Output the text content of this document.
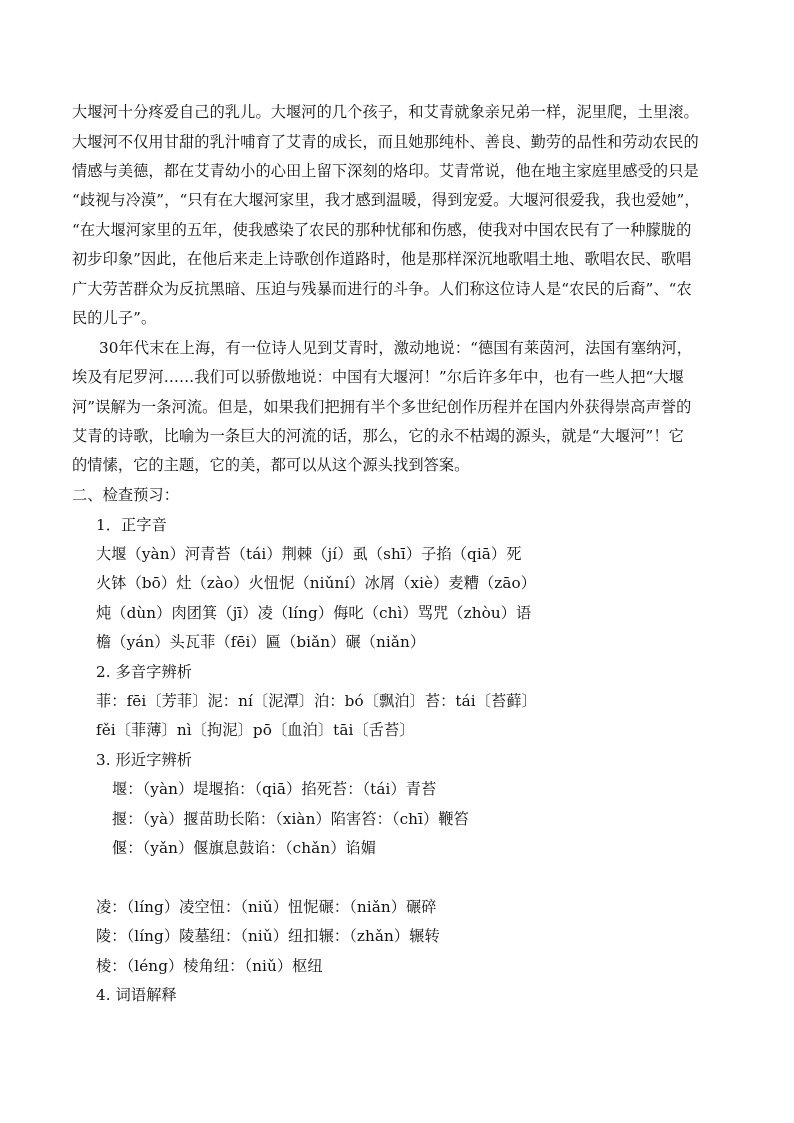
大堰河十分疼爱自己的乳儿。大堰河的几个孩子，和艾青就象亲兄弟一样，泥里爬，土里滚。
大堰河不仅用甘甜的乳汁哺育了艾青的成长，而且她那纯朴、善良、勤劳的品性和劳动农民的
情感与美德，都在艾青幼小的心田上留下深刻的烙印。艾青常说，他在地主家庭里感受的只是
“歧视与冷漠”，“只有在大堰河家里，我才感到温暖，得到宠爱。大堰河很爱我，我也爱她”，
“在大堰河家里的五年，使我感染了农民的那种忧郁和伤感，使我对中国农民有了一种朦胧的
初步印象”因此，在他后来走上诗歌创作道路时，他是那样深沉地歌唱土地、歌唱农民、歌唱
广大劳苦群众为反抗黑暗、压迫与残暴而进行的斗争。人们称这位诗人是“农民的后裔”、“农
民的儿子”。
30年代末在上海，有一位诗人见到艾青时，激动地说：“德国有莱茵河，法国有塞纳河，
埃及有尼罗河……我们可以骄傲地说：中国有大堰河！”尔后许多年中，也有一些人把“大堰
河”误解为一条河流。但是，如果我们把拥有半个多世纪创作历程并在国内外获得崇高声誉的
艾青的诗歌，比喻为一条巨大的河流的话，那么，它的永不枯竭的源头，就是“大堰河”！它
的情愫，它的主题，它的美，都可以从这个源头找到答案。
二、检查预习：
1．正字音
大堰（yàn）河青苔（tái）荆棘（jí）虱（shī）子掐（qiā）死
火钵（bō）灶（zào）火忸怩（niǔní）冰屑（xiè）麦糟（zāo）
炖（dùn）肉团箕（jī）凌（líng）侮叱（chì）骂咒（zhòu）语
檐（yán）头瓦菲（fēi）匾（biǎn）碾（niǎn）
2. 多音字辨析
菲：fēi〔芳菲〕泥：ní〔泥潭〕泊：bó〔飘泊〕苔：tái〔苔藓〕
fěi〔菲薄〕nì〔拘泥〕pō〔血泊〕tāi〔舌苔〕
3. 形近字辨析
堰：（yàn）堤堰掐：（qiā）掐死苔：（tái）青苔
揠：（yà）揠苗助长陷：（xiàn）陷害笞：（chī）鞭笞
偃：（yǎn）偃旗息鼓谄：（chǎn）谄媚
凌：（líng）凌空忸：（niǔ）忸怩碾：（niǎn）碾碎
陵：（líng）陵墓纽：（niǔ）纽扣辗：（zhǎn）辗转
棱：（léng）棱角纽：（niǔ）枢纽
4. 词语解释
